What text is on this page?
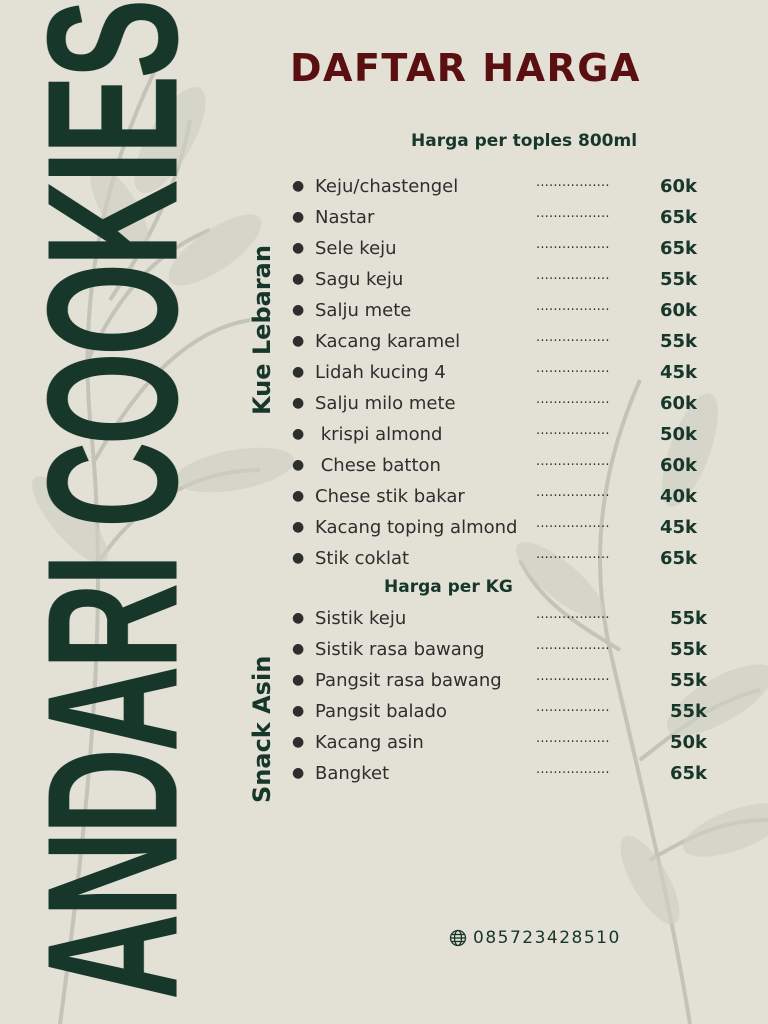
ANDARI COOKIES DAFTAR HARGA
Harga per toples 800ml
Kue Lebaran
● Keju/chastengel	.................	60k
● Nastar	.................	65k
● Sele keju	.................	65k
● Sagu keju	.................	55k
● Salju mete	.................	60k
● Kacang karamel	.................	55k
● Lidah kucing 4	.................	45k
● Salju milo mete	.................	60k
● krispi almond	.................	50k
● Chese batton	.................	60k
● Chese stik bakar	.................	40k
● Kacang toping almond .................	45k
● Stik coklat	.................	65k
Harga per KG
Snack Asin
● Sistik keju	.................	55k
● Sistik rasa bawang	.................	55k
● Pangsit rasa bawang	.................	55k
● Pangsit balado	.................	55k
● Kacang asin	.................	50k
● Bangket	.................	65k
085723428510
